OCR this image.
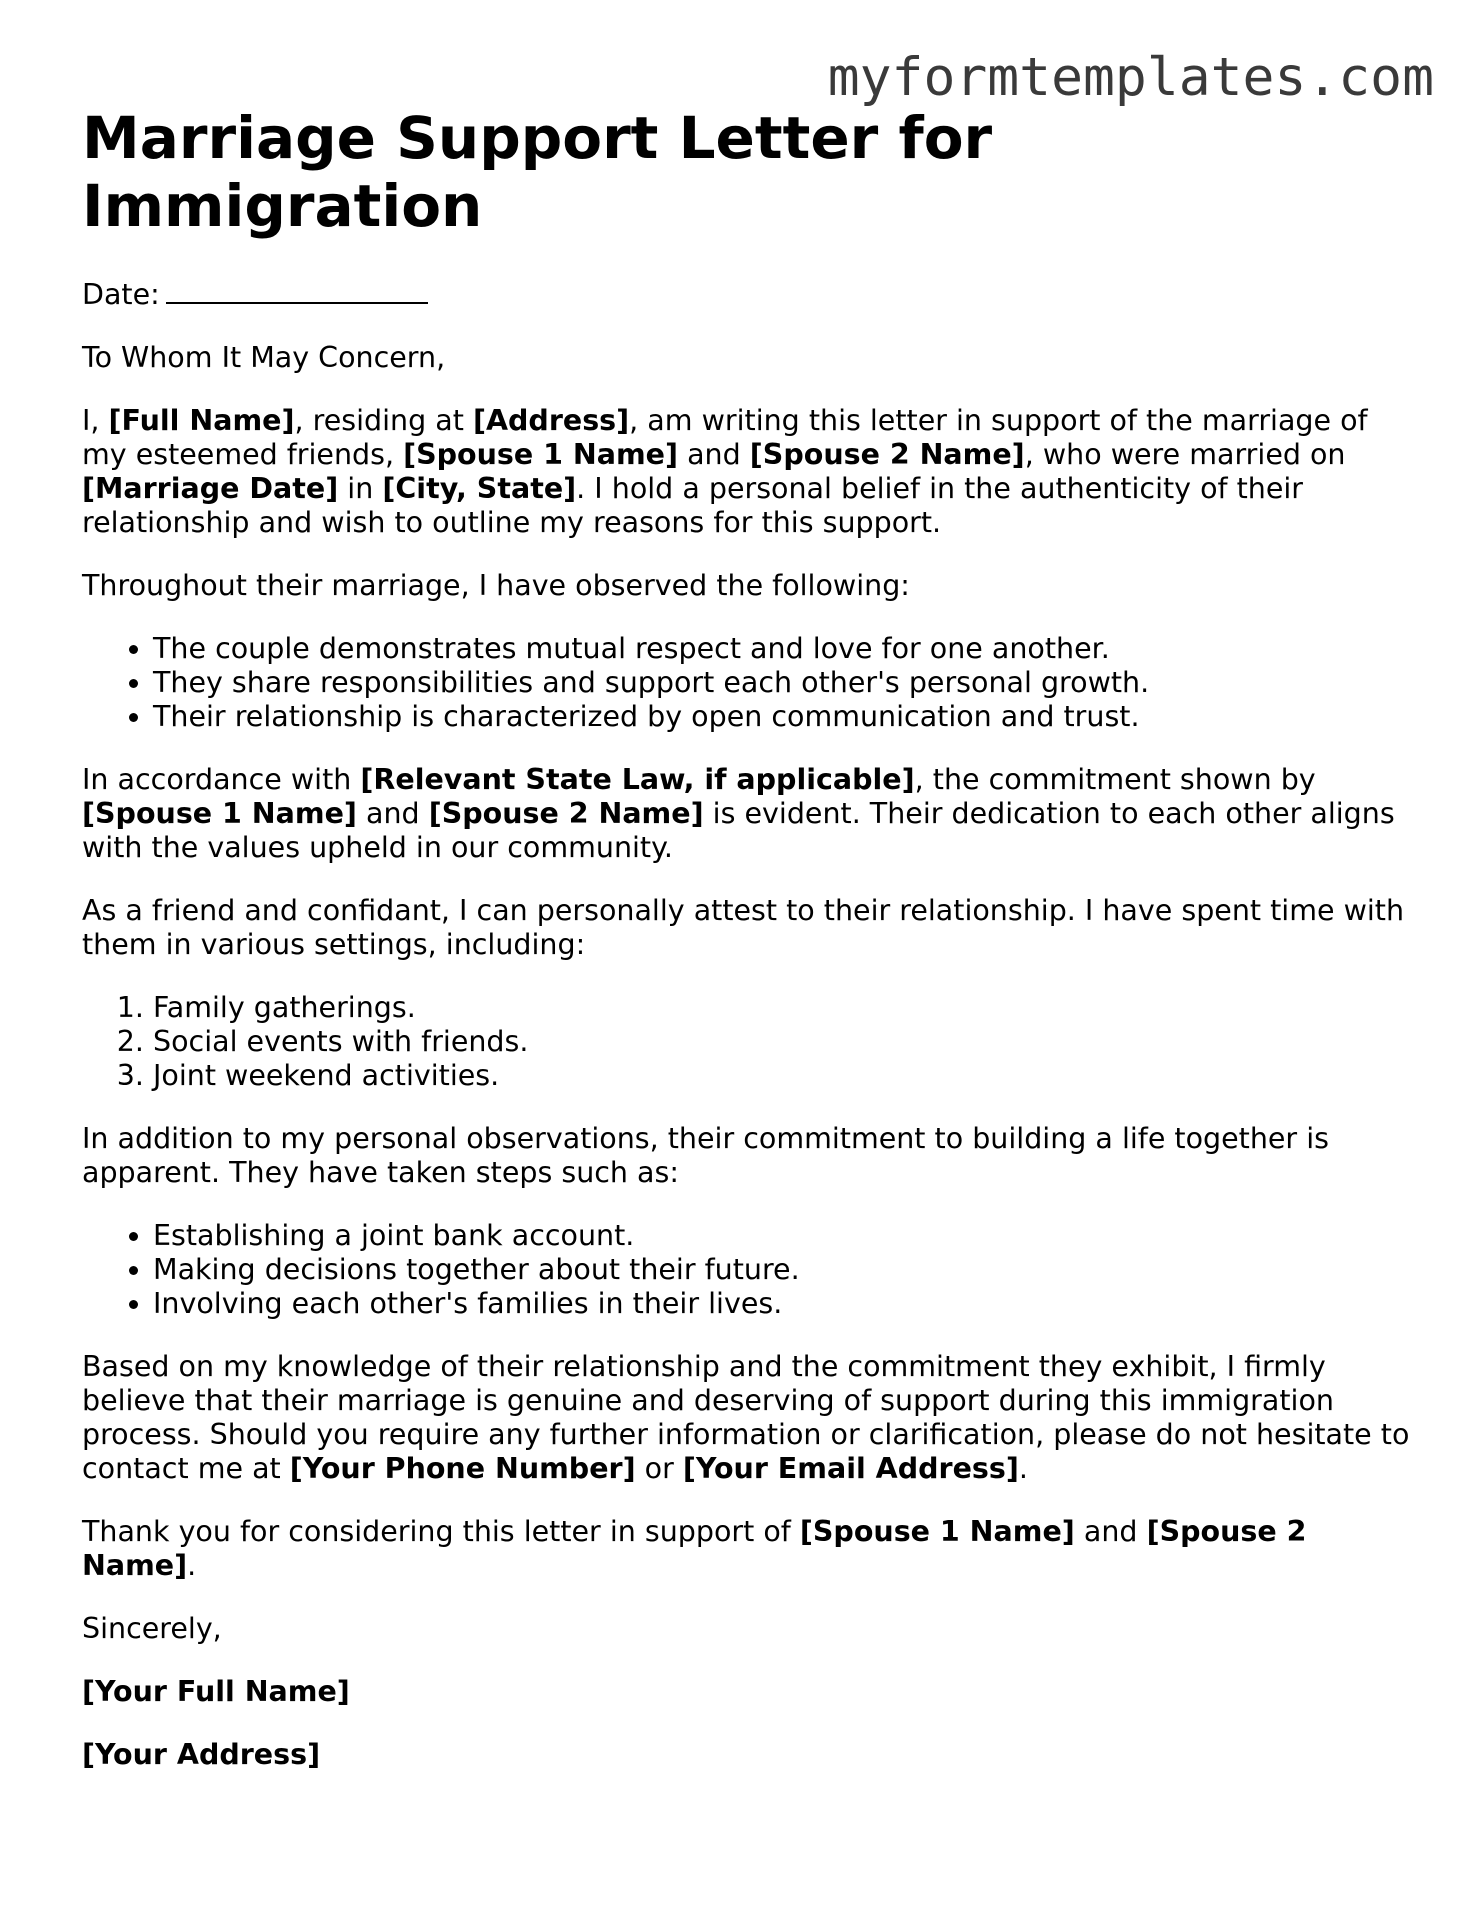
myformtemplates.com
Marriage Support Letter for Immigration

Date:

To Whom It May Concern,

I, [Full Name], residing at [Address], am writing this letter in support of the marriage of my esteemed friends, [Spouse 1 Name] and [Spouse 2 Name], who were married on [Marriage Date] in [City, State]. I hold a personal belief in the authenticity of their relationship and wish to outline my reasons for this support.

Throughout their marriage, I have observed the following:

• The couple demonstrates mutual respect and love for one another.
• They share responsibilities and support each other's personal growth.
• Their relationship is characterized by open communication and trust.

In accordance with [Relevant State Law, if applicable], the commitment shown by [Spouse 1 Name] and [Spouse 2 Name] is evident. Their dedication to each other aligns with the values upheld in our community.

As a friend and confidant, I can personally attest to their relationship. I have spent time with them in various settings, including:

1. Family gatherings.
2. Social events with friends.
3. Joint weekend activities.

In addition to my personal observations, their commitment to building a life together is apparent. They have taken steps such as:

• Establishing a joint bank account.
• Making decisions together about their future.
• Involving each other's families in their lives.

Based on my knowledge of their relationship and the commitment they exhibit, I firmly believe that their marriage is genuine and deserving of support during this immigration process. Should you require any further information or clarification, please do not hesitate to contact me at [Your Phone Number] or [Your Email Address].

Thank you for considering this letter in support of [Spouse 1 Name] and [Spouse 2 Name].

Sincerely,

[Your Full Name]

[Your Address]
